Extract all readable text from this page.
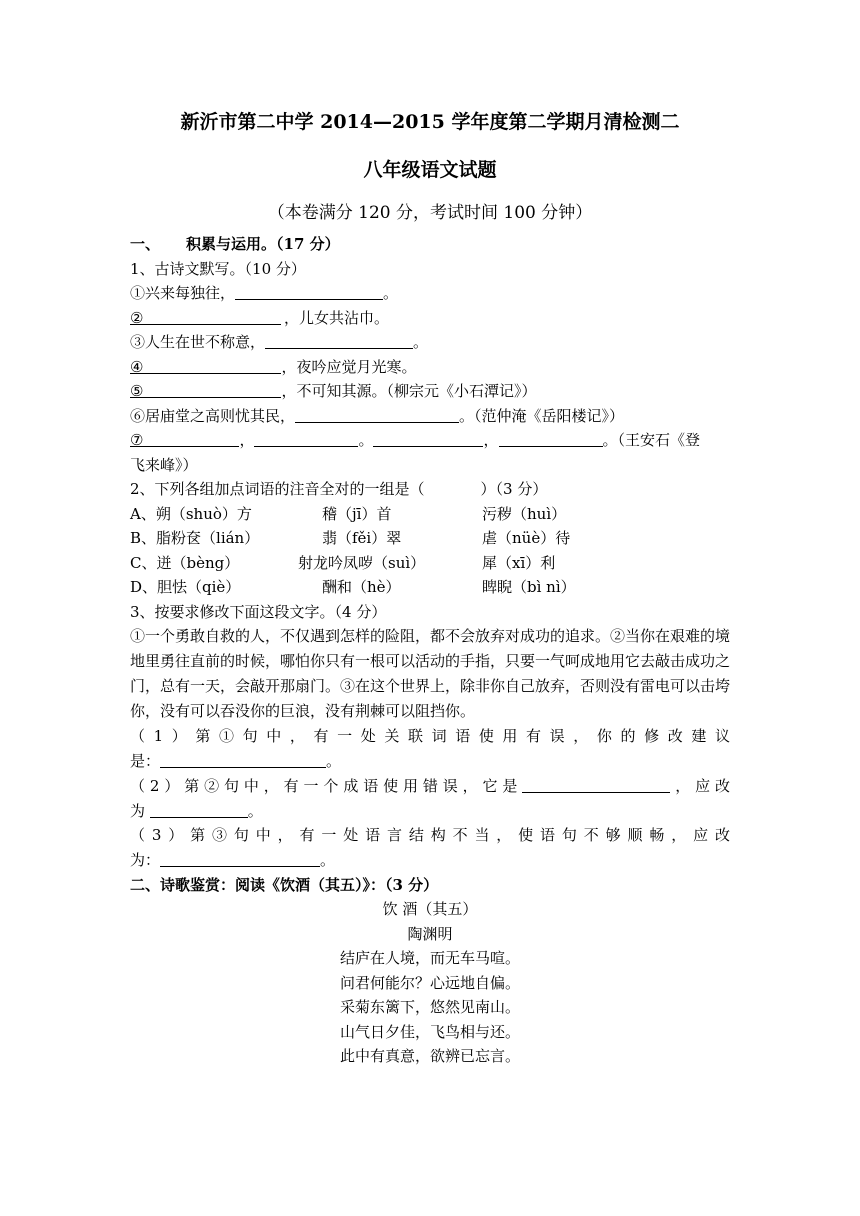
新沂市第二中学 2014—2015 学年度第二学期月清检测二
八年级语文试题
（本卷满分 120 分，考试时间 100 分钟）
一、 积累与运用。（17 分）
1、古诗文默写。（10 分）
①兴来每独往，	。
②	，儿女共沾巾。
③人生在世不称意，	。
④	，夜吟应觉月光寒。
⑤	，不可知其源。（柳宗元《小石潭记》）
⑥居庙堂之高则忧其民，	。（范仲淹《岳阳楼记》）
⑦	，	。	，	。（王安石《登
飞来峰》）
2、下列各组加点词语的注音全对的一组是（	）（3 分）
A、朔（shuò）方	稽（jī）首	污秽（huì）
B、脂粉奁（lián）	翡（fěi）翠	虐（nüè）待
C、迸（bèng）	射龙吟凤哕（suì）	犀（xī）利
D、胆怯（qiè）	酬和（hè）	睥睨（bì nì）
3、按要求修改下面这段文字。（4 分）
①一个勇敢自救的人，不仅遇到怎样的险阻，都不会放弃对成功的追求。②当你在艰难的境地里勇往直前的时候，哪怕你只有一根可以活动的手指，只要一气呵成地用它去敲击成功之门，总有一天，会敲开那扇门。③在这个世界上，除非你自己放弃，否则没有雷电可以击垮你，没有可以吞没你的巨浪，没有荆棘可以阻挡你。
（1）第①句中，有一处关联词语使用有误，你的修改建议
是：	。
（2）第②句中，有一个成语使用错误，它是	，应改
为	。
（3）第③句中，有一处语言结构不当，使语句不够顺畅，应改
为：	。
二、诗歌鉴赏：阅读《饮酒（其五）》：（3 分）
饮 酒（其五）
陶渊明
结庐在人境，而无车马喧。
问君何能尔？心远地自偏。
采菊东篱下，悠然见南山。
山气日夕佳，飞鸟相与还。
此中有真意，欲辨已忘言。
